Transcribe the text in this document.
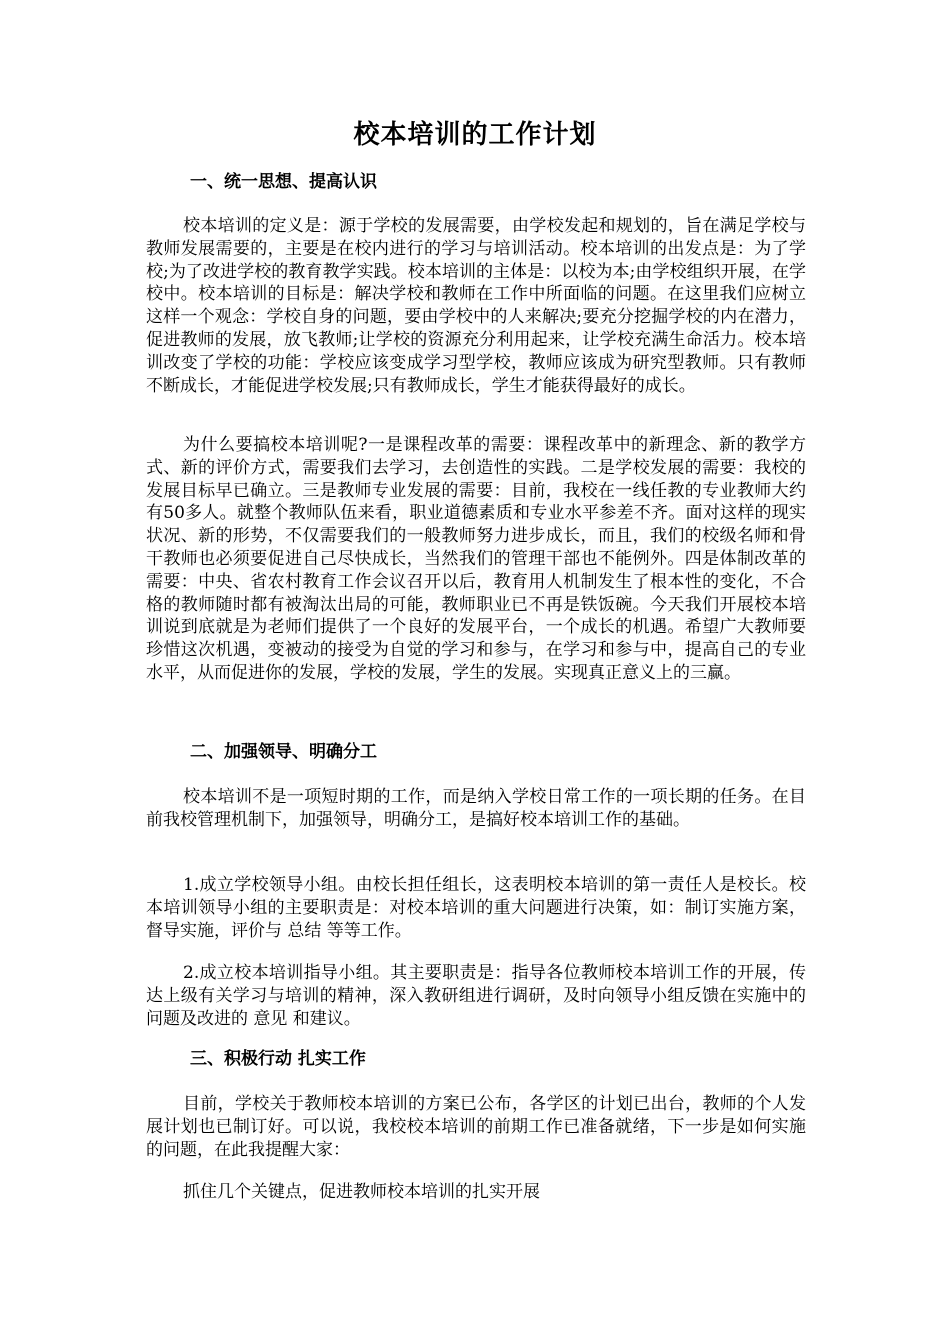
校本培训的工作计划
一、统一思想、提高认识
校本培训的定义是：源于学校的发展需要，由学校发起和规划的，旨在满足学校与教师发展需要的，主要是在校内进行的学习与培训活动。校本培训的出发点是：为了学校;为了改进学校的教育教学实践。校本培训的主体是：以校为本;由学校组织开展，在学校中。校本培训的目标是：解决学校和教师在工作中所面临的问题。在这里我们应树立这样一个观念：学校自身的问题，要由学校中的人来解决;要充分挖掘学校的内在潜力，促进教师的发展，放飞教师;让学校的资源充分利用起来，让学校充满生命活力。校本培训改变了学校的功能：学校应该变成学习型学校，教师应该成为研究型教师。只有教师不断成长，才能促进学校发展;只有教师成长，学生才能获得最好的成长。
为什么要搞校本培训呢?一是课程改革的需要：课程改革中的新理念、新的教学方式、新的评价方式，需要我们去学习，去创造性的实践。二是学校发展的需要：我校的发展目标早已确立。三是教师专业发展的需要：目前，我校在一线任教的专业教师大约有50多人。就整个教师队伍来看，职业道德素质和专业水平参差不齐。面对这样的现实状况、新的形势，不仅需要我们的一般教师努力进步成长，而且，我们的校级名师和骨干教师也必须要促进自己尽快成长，当然我们的管理干部也不能例外。四是体制改革的需要：中央、省农村教育工作会议召开以后，教育用人机制发生了根本性的变化，不合格的教师随时都有被淘汰出局的可能，教师职业已不再是铁饭碗。今天我们开展校本培训说到底就是为老师们提供了一个良好的发展平台，一个成长的机遇。希望广大教师要珍惜这次机遇，变被动的接受为自觉的学习和参与，在学习和参与中，提高自己的专业水平，从而促进你的发展，学校的发展，学生的发展。实现真正意义上的三赢。
二、加强领导、明确分工
校本培训不是一项短时期的工作，而是纳入学校日常工作的一项长期的任务。在目前我校管理机制下，加强领导，明确分工，是搞好校本培训工作的基础。
1.成立学校领导小组。由校长担任组长，这表明校本培训的第一责任人是校长。校本培训领导小组的主要职责是：对校本培训的重大问题进行决策，如：制订实施方案，督导实施，评价与 总结 等等工作。
2.成立校本培训指导小组。其主要职责是：指导各位教师校本培训工作的开展，传达上级有关学习与培训的精神，深入教研组进行调研，及时向领导小组反馈在实施中的问题及改进的 意见 和建议。
三、积极行动 扎实工作
目前，学校关于教师校本培训的方案已公布，各学区的计划已出台，教师的个人发展计划也已制订好。可以说，我校校本培训的前期工作已准备就绪，下一步是如何实施的问题，在此我提醒大家：
抓住几个关键点，促进教师校本培训的扎实开展
